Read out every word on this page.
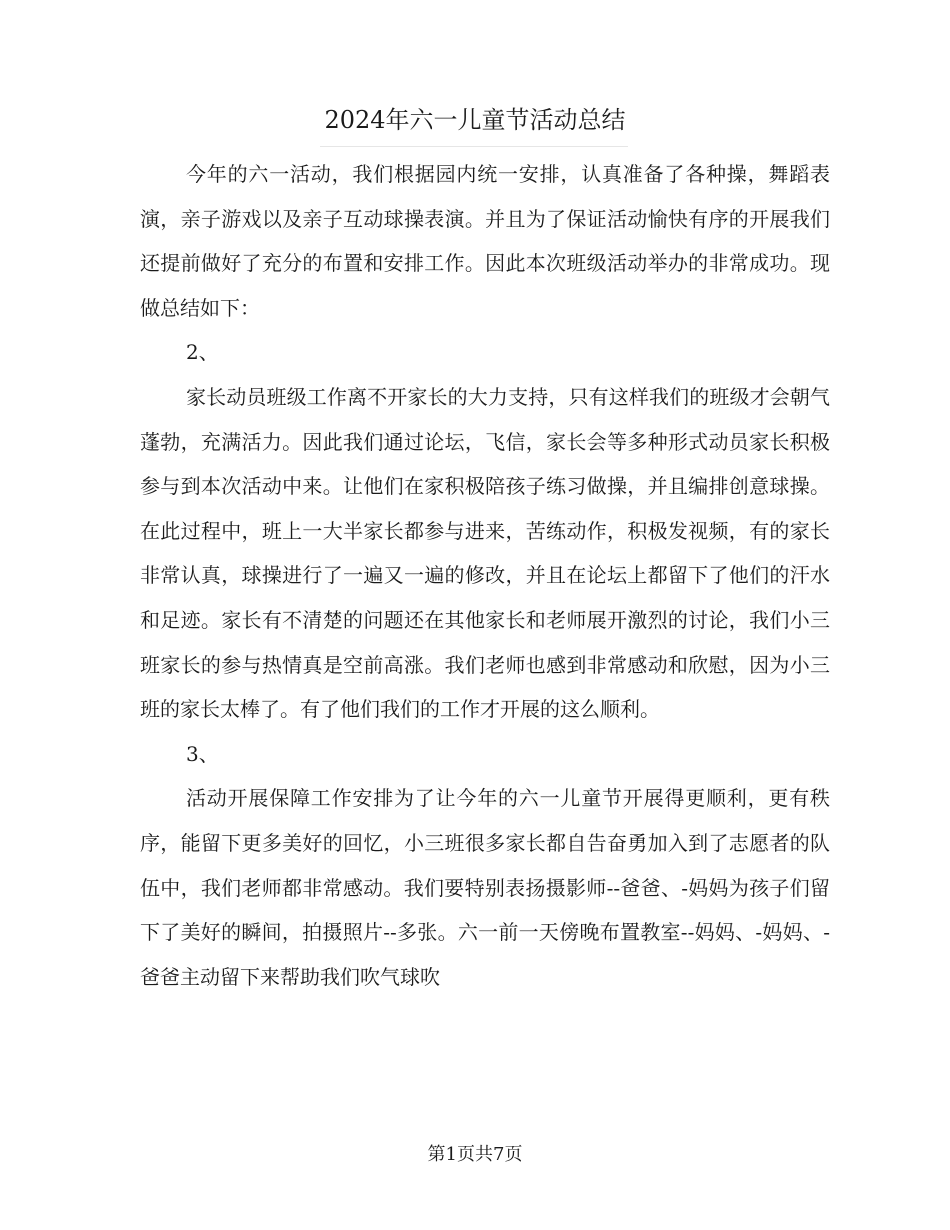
2024年六一儿童节活动总结

今年的六一活动，我们根据园内统一安排，认真准备了各种操，舞蹈表演，亲子游戏以及亲子互动球操表演。并且为了保证活动愉快有序的开展我们还提前做好了充分的布置和安排工作。因此本次班级活动举办的非常成功。现做总结如下：

2、

家长动员班级工作离不开家长的大力支持，只有这样我们的班级才会朝气蓬勃，充满活力。因此我们通过论坛，飞信，家长会等多种形式动员家长积极参与到本次活动中来。让他们在家积极陪孩子练习做操，并且编排创意球操。在此过程中，班上一大半家长都参与进来，苦练动作，积极发视频，有的家长非常认真，球操进行了一遍又一遍的修改，并且在论坛上都留下了他们的汗水和足迹。家长有不清楚的问题还在其他家长和老师展开激烈的讨论，我们小三班家长的参与热情真是空前高涨。我们老师也感到非常感动和欣慰，因为小三班的家长太棒了。有了他们我们的工作才开展的这么顺利。

3、

活动开展保障工作安排为了让今年的六一儿童节开展得更顺利，更有秩序，能留下更多美好的回忆，小三班很多家长都自告奋勇加入到了志愿者的队伍中，我们老师都非常感动。我们要特别表扬摄影师--爸爸、-妈妈为孩子们留下了美好的瞬间，拍摄照片--多张。六一前一天傍晚布置教室--妈妈、-妈妈、-爸爸主动留下来帮助我们吹气球吹

第1页共7页
